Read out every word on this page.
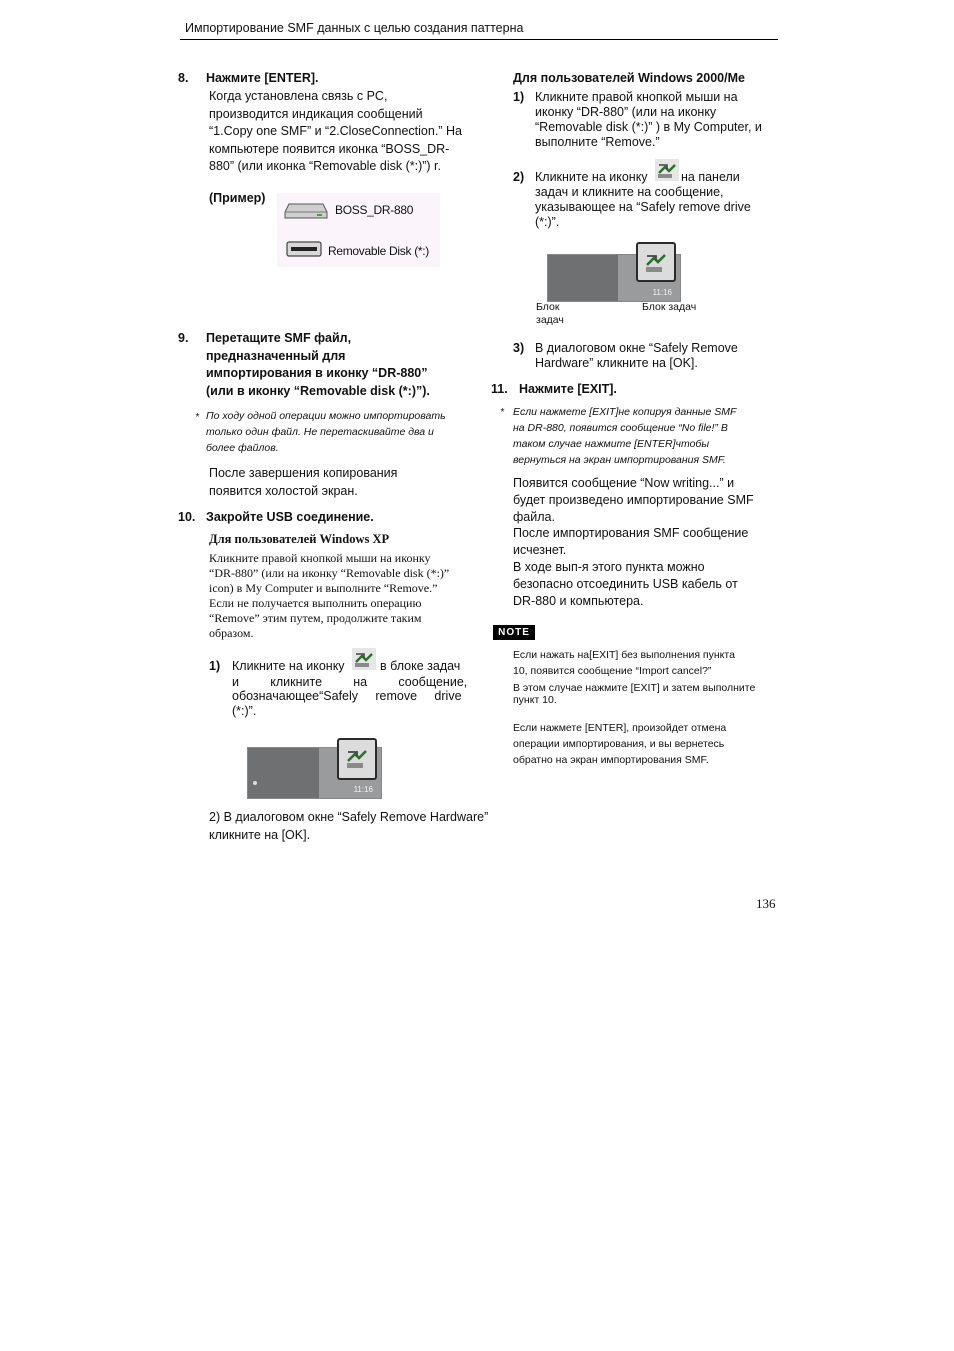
Импортирование SMF данных с целью создания паттерна
8. Нажмите [ENTER].
Когда установлена связь с PC,
производится индикация сообщений
“1.Copy one SMF” и “2.CloseConnection.” На
компьютере появится иконка “BOSS_DR-
880” (или иконка “Removable disk (*:)”) r.
(Пример)
BOSS_DR-880
Removable Disk (*:)
9. Перетащите SMF файл,
предназначенный для
импортирования в иконку “DR-880”
(или в иконку “Removable disk (*:)”).
* По ходу одной операции можно импортировать
только один файл. Не перетаскивайте два и
более файлов.
После завершения копирования
появится холостой экран.
10. Закройте USB соединение.
Для пользователей Windows XP
Кликните правой кнопкой мыши на иконку
“DR-880” (или на иконку “Removable disk (*:)”
icon) в My Computer и выполните “Remove.”
Если не получается выполнить операцию
“Remove” этим путем, продолжите таким
образом.
1) Кликните на иконку	в блоке задач
и         кликните         на         сообщение,
обозначающее“Safely     remove     drive
(*:)”.
11:16
2) В диалоговом окне “Safely Remove Hardware”
кликните на [OK].
Для пользователей Windows 2000/Me
1) Кликните правой кнопкой мыши на
иконку “DR-880” (или на иконку
“Removable disk (*:)” ) в My Computer, и
выполните “Remove.”
2) Кликните на иконку	на панели
задач и кликните на сообщение,
указывающее на “Safely remove drive
(*:)”.
11:16
Блок
задач
Блок задач
3) В диалоговом окне “Safely Remove
Hardware” кликните на [OK].
11. Нажмите [EXIT].
* Если нажмете [EXIT]не копируя данные SMF
на DR-880, появится сообщение “No file!” В
таком случае нажмите [ENTER]чтобы
вернуться на экран импортирования SMF.
Появится сообщение “Now writing...” и
будет произведено импортирование SMF
файла.
После импортирования SMF сообщение
исчезнет.
В ходе вып-я этого пункта можно
безопасно отсоединить USB кабель от
DR-880 и компьютера.
NOTE
Если нажать на[EXIT] без выполнения пункта
10, появится сообщение “Import cancel?”
В этом случае нажмите [EXIT] и затем выполните
пункт 10.
Если нажмете [ENTER], произойдет отмена
операции импортирования, и вы вернетесь
обратно на экран импортирования SMF.
136
